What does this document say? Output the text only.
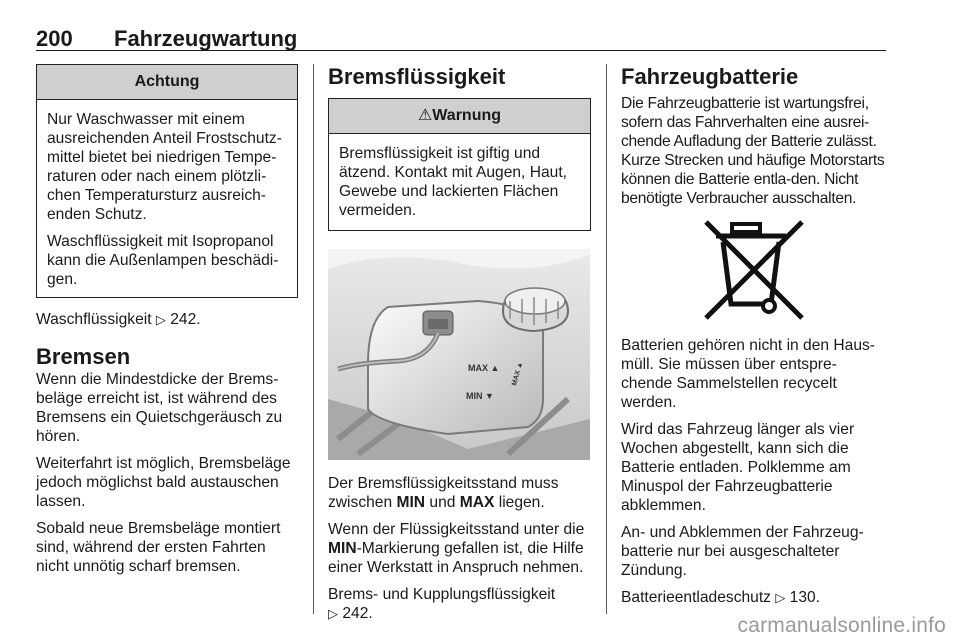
200 Fahrzeugwartung
Achtung

Nur Waschwasser mit einem ausreichenden Anteil Frostschutz-mittel bietet bei niedrigen Tempe-raturen oder nach einem plötzli-chen Temperatursturz ausreich-enden Schutz.

Waschflüssigkeit mit Isopropanol kann die Außenlampen beschädi-gen.

Waschflüssigkeit ▷ 242.

Bremsen

Wenn die Mindestdicke der Brems-beläge erreicht ist, ist während des Bremsens ein Quietschgeräusch zu hören.

Weiterfahrt ist möglich, Bremsbeläge jedoch möglichst bald austauschen lassen.

Sobald neue Bremsbeläge montiert sind, während der ersten Fahrten nicht unnötig scharf bremsen.

Bremsflüssigkeit
⚠Warnung

Bremsflüssigkeit ist giftig und ätzend. Kontakt mit Augen, Haut, Gewebe und lackierten Flächen vermeiden.

MAX ▲
MIN ▼
MAX ▲

Der Bremsflüssigkeitsstand muss zwischen MIN und MAX liegen.

Wenn der Flüssigkeitsstand unter die MIN-Markierung gefallen ist, die Hilfe einer Werkstatt in Anspruch nehmen.

Brems- und Kupplungsflüssigkeit
▷ 242.

Fahrzeugbatterie

Die Fahrzeugbatterie ist wartungsfrei, sofern das Fahrverhalten eine ausrei-chende Aufladung der Batterie zulässt. Kurze Strecken und häufige Motorstarts können die Batterie entla-den. Nicht benötigte Verbraucher ausschalten.

Batterien gehören nicht in den Haus-müll. Sie müssen über entspre-chende Sammelstellen recycelt werden.

Wird das Fahrzeug länger als vier Wochen abgestellt, kann sich die Batterie entladen. Polklemme am Minuspol der Fahrzeugbatterie abklemmen.

An- und Abklemmen der Fahrzeug-batterie nur bei ausgeschalteter Zündung.

Batterieentladeschutz ▷ 130.

carmanualsonline.info
